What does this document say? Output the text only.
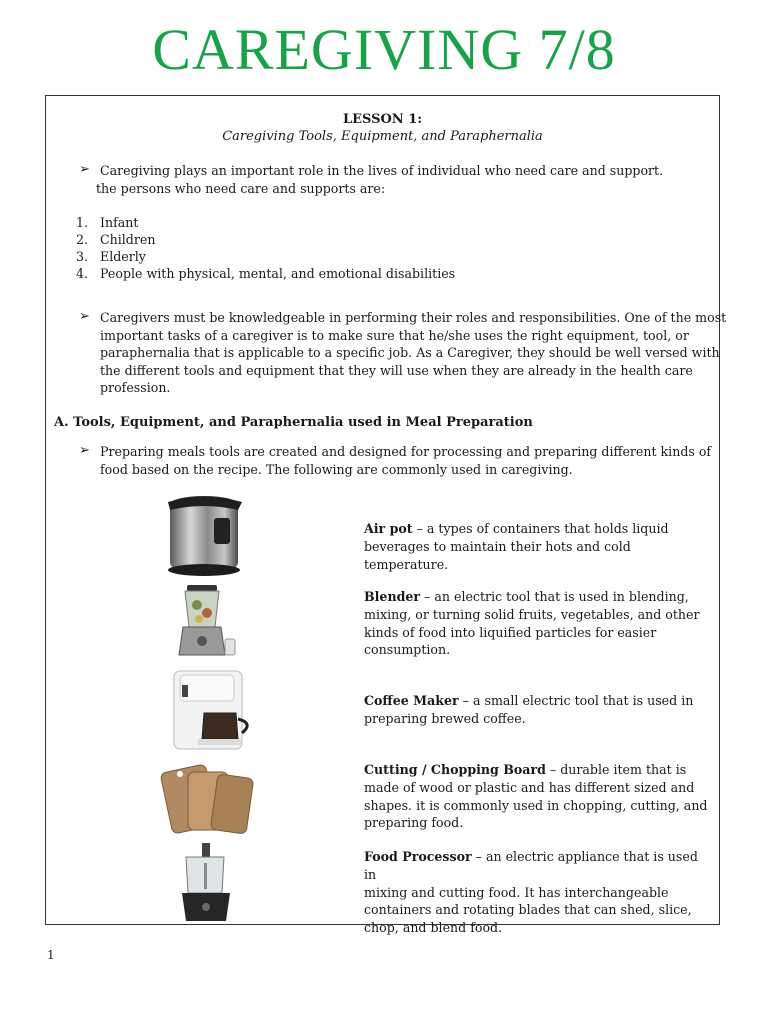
CAREGIVING 7/8
LESSON 1:
Caregiving Tools, Equipment, and Paraphernalia
➢ Caregiving plays an important role in the lives of individual who need care and support.
the persons who need care and supports are:
1. Infant
2. Children
3. Elderly
4. People with physical, mental, and emotional disabilities
➢ Caregivers must be knowledgeable in performing their roles and responsibilities. One of the most
important tasks of a caregiver is to make sure that he/she uses the right equipment, tool, or
paraphernalia that is applicable to a specific job. As a Caregiver, they should be well versed with
the different tools and equipment that they will use when they are already in the health care
profession.
A. Tools, Equipment, and Paraphernalia used in Meal Preparation
➢ Preparing meals tools are created and designed for processing and preparing different kinds of
food based on the recipe. The following are commonly used in caregiving.
Air pot – a types of containers that holds liquid
beverages to maintain their hots and cold temperature.
Blender – an electric tool that is used in blending,
mixing, or turning solid fruits, vegetables, and other
kinds of food into liquified particles for easier
consumption.
Coffee Maker – a small electric tool that is used in
preparing brewed coffee.
Cutting / Chopping Board – durable item that is
made of wood or plastic and has different sized and
shapes. it is commonly used in chopping, cutting, and
preparing food.
Food Processor – an electric appliance that is used in
mixing and cutting food. It has interchangeable
containers and rotating blades that can shed, slice,
chop, and blend food.
1
